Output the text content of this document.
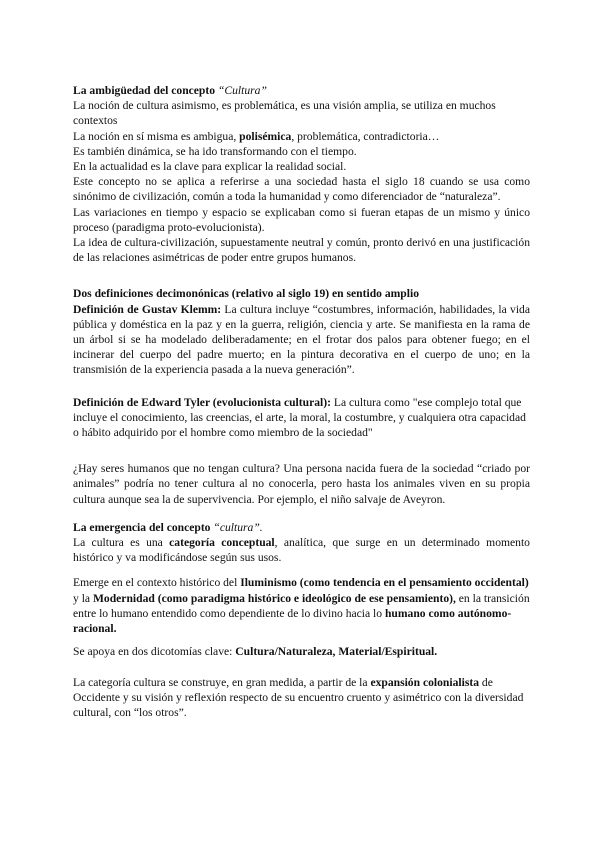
La ambigüedad del concepto “Cultura”

La noción de cultura asimismo, es problemática, es una visión amplia, se utiliza en muchos contextos

La noción en sí misma es ambigua, polisémica, problemática, contradictoria…

Es también dinámica, se ha ido transformando con el tiempo.

En la actualidad es la clave para explicar la realidad social.

Este concepto no se aplica a referirse a una sociedad hasta el siglo 18 cuando se usa como sinónimo de civilización, común a toda la humanidad y como diferenciador de “naturaleza”.

Las variaciones en tiempo y espacio se explicaban como si fueran etapas de un mismo y único proceso (paradigma proto-evolucionista).

La idea de cultura-civilización, supuestamente neutral y común, pronto derivó en una justificación de las relaciones asimétricas de poder entre grupos humanos.

Dos definiciones decimonónicas (relativo al siglo 19) en sentido amplio

Definición de Gustav Klemm: La cultura incluye “costumbres, información, habilidades, la vida pública y doméstica en la paz y en la guerra, religión, ciencia y arte. Se manifiesta en la rama de un árbol si se ha modelado deliberadamente; en el frotar dos palos para obtener fuego; en el incinerar del cuerpo del padre muerto; en la pintura decorativa en el cuerpo de uno; en la transmisión de la experiencia pasada a la nueva generación”.

Definición de Edward Tyler (evolucionista cultural): La cultura como "ese complejo total que incluye el conocimiento, las creencias, el arte, la moral, la costumbre, y cualquiera otra capacidad o hábito adquirido por el hombre como miembro de la sociedad"

¿Hay seres humanos que no tengan cultura? Una persona nacida fuera de la sociedad “criado por animales” podría no tener cultura al no conocerla, pero hasta los animales viven en su propia cultura aunque sea la de supervivencia. Por ejemplo, el niño salvaje de Aveyron.

La emergencia del concepto “cultura”.

La cultura es una categoría conceptual, analítica, que surge en un determinado momento histórico y va modificándose según sus usos.

Emerge en el contexto histórico del Iluminismo (como tendencia en el pensamiento occidental) y la Modernidad (como paradigma histórico e ideológico de ese pensamiento), en la transición entre lo humano entendido como dependiente de lo divino hacia lo humano como autónomo-racional.

Se apoya en dos dicotomías clave: Cultura/Naturaleza, Material/Espiritual.

La categoría cultura se construye, en gran medida, a partir de la expansión colonialista de Occidente y su visión y reflexión respecto de su encuentro cruento y asimétrico con la diversidad cultural, con “los otros”.
